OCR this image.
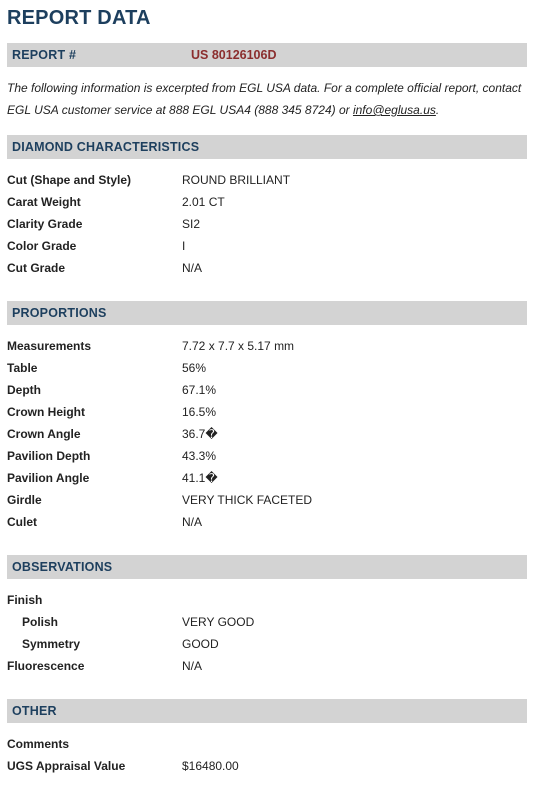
REPORT DATA
REPORT #	US 80126106D
The following information is excerpted from EGL USA data. For a complete official report, contact EGL USA customer service at 888 EGL USA4 (888 345 8724) or info@eglusa.us.
DIAMOND CHARACTERISTICS
Cut (Shape and Style)	ROUND BRILLIANT
Carat Weight	2.01 CT
Clarity Grade	SI2
Color Grade	I
Cut Grade	N/A
PROPORTIONS
Measurements	7.72 x 7.7 x 5.17 mm
Table	56%
Depth	67.1%
Crown Height	16.5%
Crown Angle	36.7�
Pavilion Depth	43.3%
Pavilion Angle	41.1�
Girdle	VERY THICK FACETED
Culet	N/A
OBSERVATIONS
Finish
Polish	VERY GOOD
Symmetry	GOOD
Fluorescence	N/A
OTHER
Comments
UGS Appraisal Value	$16480.00
